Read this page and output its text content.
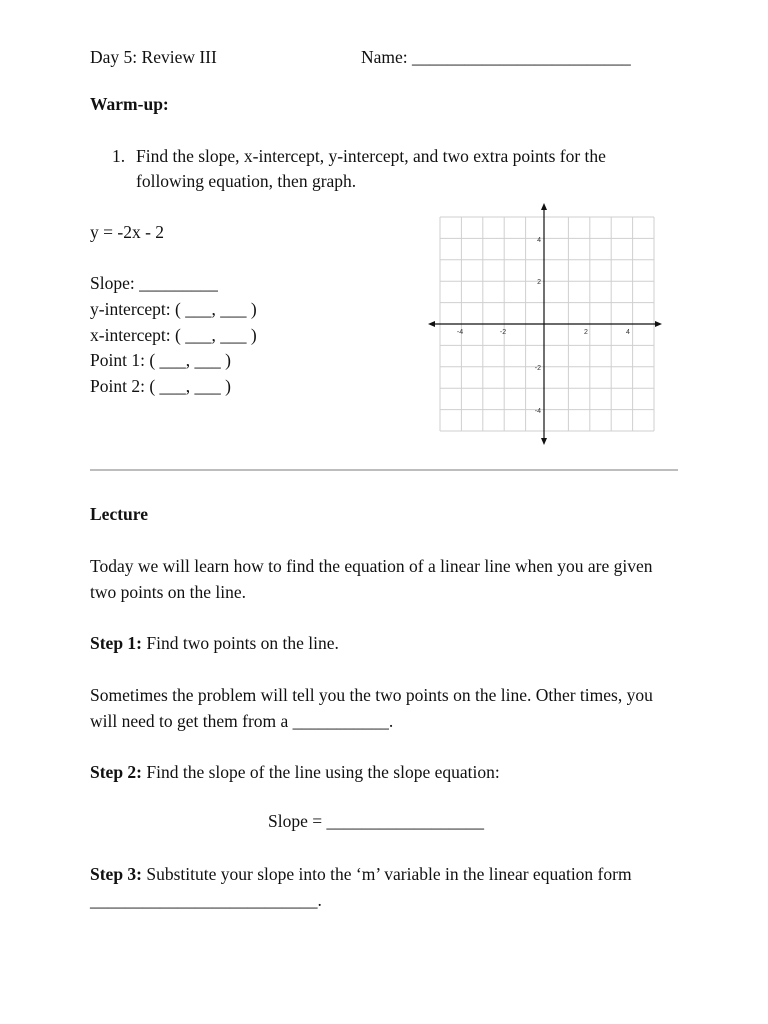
Day 5: Review III	Name: _________________________
Warm-up:
1. Find the slope, x-intercept, y-intercept, and two extra points for the
following equation, then graph.
y = -2x - 2
Slope: _________
y-intercept: ( ___, ___ )
x-intercept: ( ___, ___ )
Point 1: ( ___, ___ )
Point 2: ( ___, ___ )
-4	-2	2	4
4
2
-2
-4
Lecture
Today we will learn how to find the equation of a linear line when you are given two points on the line.
Step 1: Find two points on the line.
Sometimes the problem will tell you the two points on the line. Other times, you will need to get them from a ___________.
Step 2: Find the slope of the line using the slope equation:
Slope = __________________
Step 3: Substitute your slope into the ‘m’ variable in the linear equation form __________________________.
